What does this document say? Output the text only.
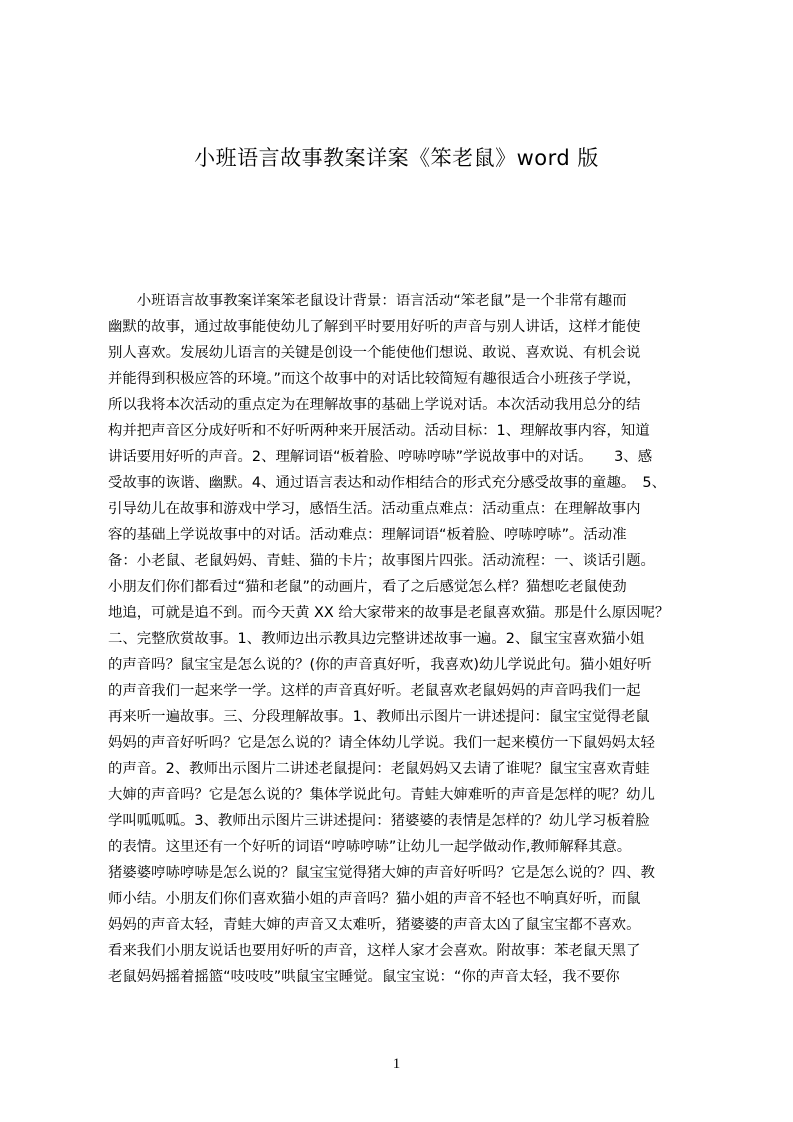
小班语言故事教案详案《笨老鼠》word 版
　　小班语言故事教案详案笨老鼠设计背景：语言活动“笨老鼠”是一个非常有趣而
幽默的故事，通过故事能使幼儿了解到平时要用好听的声音与别人讲话，这样才能使
别人喜欢。发展幼儿语言的关键是创设一个能使他们想说、敢说、喜欢说、有机会说
并能得到积极应答的环境。”而这个故事中的对话比较简短有趣很适合小班孩子学说，
所以我将本次活动的重点定为在理解故事的基础上学说对话。本次活动我用总分的结
构并把声音区分成好听和不好听两种来开展活动。活动目标：1、理解故事内容，知道
讲话要用好听的声音。2、理解词语“板着脸、哼哧哼哧”学说故事中的对话。　　3、感
受故事的诙谐、幽默。4、通过语言表达和动作相结合的形式充分感受故事的童趣。　5、
引导幼儿在故事和游戏中学习，感悟生活。活动重点难点：活动重点：在理解故事内
容的基础上学说故事中的对话。活动难点：理解词语“板着脸、哼哧哼哧”。活动准
备：小老鼠、老鼠妈妈、青蛙、猫的卡片；故事图片四张。活动流程：一、谈话引题。
小朋友们你们都看过“猫和老鼠”的动画片，看了之后感觉怎么样？猫想吃老鼠使劲
地追，可就是追不到。而今天黄 XX 给大家带来的故事是老鼠喜欢猫。那是什么原因呢？
二、完整欣赏故事。1、教师边出示教具边完整讲述故事一遍。2、鼠宝宝喜欢猫小姐
的声音吗？鼠宝宝是怎么说的？(你的声音真好听，我喜欢)幼儿学说此句。猫小姐好听
的声音我们一起来学一学。这样的声音真好听。老鼠喜欢老鼠妈妈的声音吗我们一起
再来听一遍故事。三、分段理解故事。1、教师出示图片一讲述提问：鼠宝宝觉得老鼠
妈妈的声音好听吗？它是怎么说的？请全体幼儿学说。我们一起来模仿一下鼠妈妈太轻
的声音。2、教师出示图片二讲述老鼠提问：老鼠妈妈又去请了谁呢？鼠宝宝喜欢青蛙
大婶的声音吗？它是怎么说的？集体学说此句。青蛙大婶难听的声音是怎样的呢？幼儿
学叫呱呱呱。3、教师出示图片三讲述提问：猪婆婆的表情是怎样的？幼儿学习板着脸
的表情。这里还有一个好听的词语“哼哧哼哧”让幼儿一起学做动作,教师解释其意。
猪婆婆哼哧哼哧是怎么说的？鼠宝宝觉得猪大婶的声音好听吗？它是怎么说的？四、教
师小结。小朋友们你们喜欢猫小姐的声音吗？猫小姐的声音不轻也不响真好听，而鼠
妈妈的声音太轻，青蛙大婶的声音又太难听，猪婆婆的声音太凶了鼠宝宝都不喜欢。
看来我们小朋友说话也要用好听的声音，这样人家才会喜欢。附故事：苯老鼠天黑了
老鼠妈妈摇着摇篮“吱吱吱”哄鼠宝宝睡觉。鼠宝宝说：“你的声音太轻，我不要你
1
